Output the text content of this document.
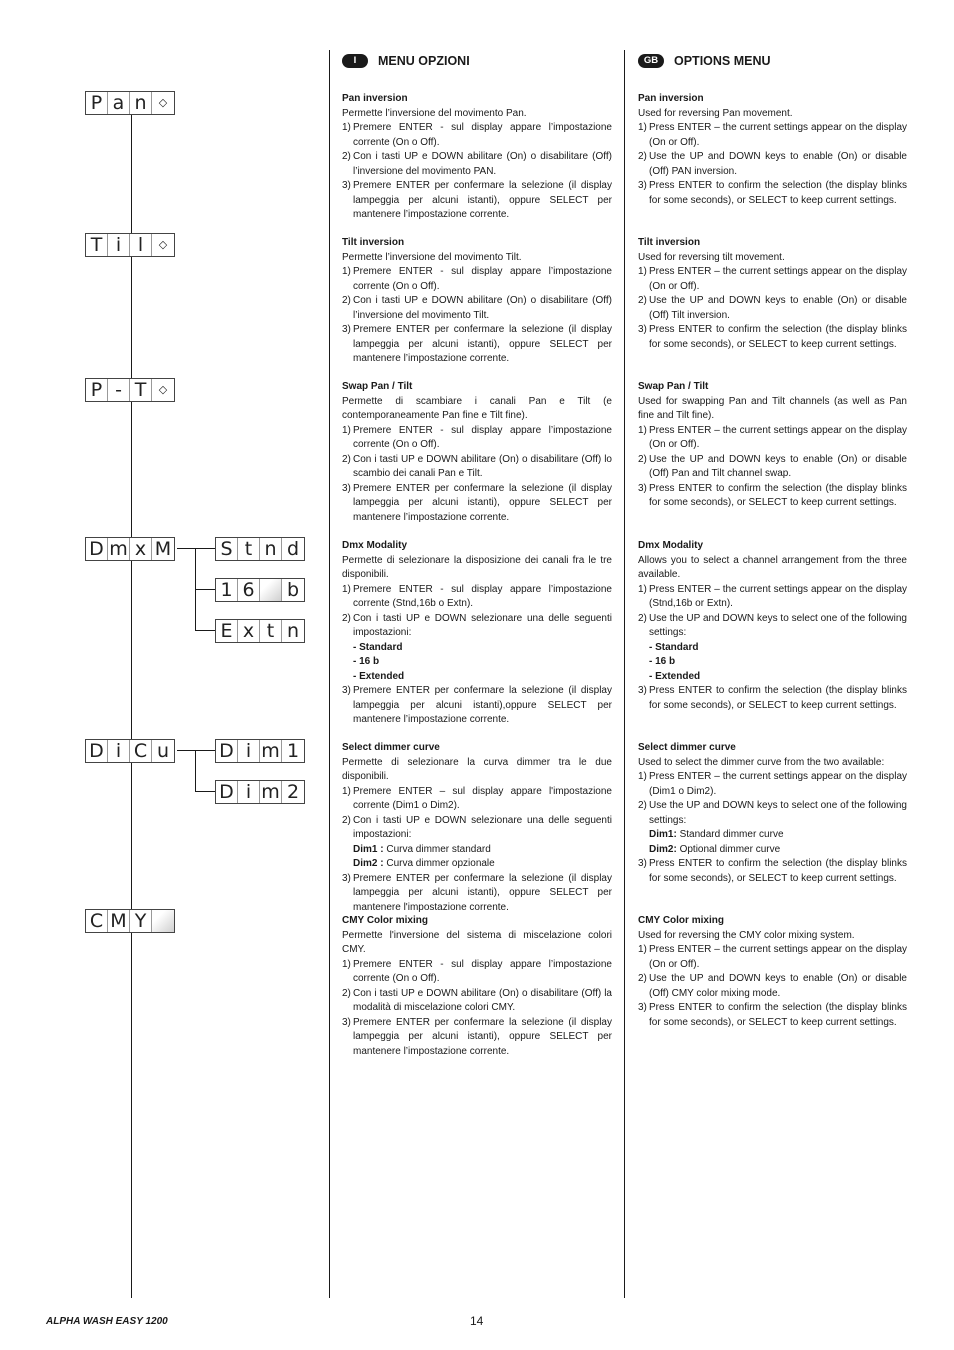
P a n	◇
T i l	◇
P - T	◇
D m x M	S t n d
1 6 b
E x t n
D i C u	D i m 1
D i m 2
C M Y
I	MENU OPZIONI
Pan inversion

Permette l’inversione del movimento Pan.

1) Premere ENTER - sul display appare l’impostazione corrente (On o Off).
2) Con i tasti UP e DOWN abilitare (On) o disabilitare (Off) l’inversione del movimento PAN.
3) Premere ENTER per confermare la selezione (il display lampeggia per alcuni istanti), oppure SELECT per mantenere l’impostazione corrente.
Tilt inversion

Permette l’inversione del movimento Tilt.

1) Premere ENTER - sul display appare l’impostazione corrente (On o Off).
2) Con i tasti UP e DOWN abilitare (On) o disabilitare (Off) l’inversione del movimento Tilt.
3) Premere ENTER per confermare la selezione (il display lampeggia per alcuni istanti), oppure SELECT per mantenere l’impostazione corrente.
Swap Pan / Tilt

Permette di scambiare i canali Pan e Tilt (e contemporaneamente Pan fine e Tilt fine).

1) Premere ENTER - sul display appare l’impostazione corrente (On o Off).
2) Con i tasti UP e DOWN abilitare (On) o disabilitare (Off) lo scambio dei canali Pan e Tilt.
3) Premere ENTER per confermare la selezione (il display lampeggia per alcuni istanti), oppure SELECT per mantenere l’impostazione corrente.
Dmx Modality

Permette di selezionare la disposizione dei canali fra le tre disponibili.

1) Premere ENTER - sul display appare l’impostazione corrente (Stnd,16b o Extn).
2) Con i tasti UP e DOWN selezionare una delle seguenti impostazioni:
- Standard
- 16 b
- Extended
3) Premere ENTER per confermare la selezione (il display lampeggia per alcuni istanti),oppure SELECT per mantenere l’impostazione corrente.
Select dimmer curve

Permette di selezionare la curva dimmer tra le due disponibili.

1) Premere ENTER – sul display appare l'impostazione corrente (Dim1 o Dim2).
2) Con i tasti UP e DOWN selezionare una delle seguenti impostazioni:
Dim1 : Curva dimmer standard
Dim2 : Curva dimmer opzionale
3) Premere ENTER per confermare la selezione (il display lampeggia per alcuni istanti), oppure SELECT per mantenere l'impostazione corrente.
CMY Color mixing

Permette l'inversione del sistema di miscelazione colori CMY.

1) Premere ENTER - sul display appare l’impostazione corrente (On o Off).
2) Con i tasti UP e DOWN abilitare (On) o disabilitare (Off) la modalità di miscelazione colori CMY.
3) Premere ENTER per confermare la selezione (il display lampeggia per alcuni istanti), oppure SELECT per mantenere l’impostazione corrente.
GB	OPTIONS MENU
Pan inversion

Used for reversing Pan movement.

1) Press ENTER – the current settings appear on the display (On or Off).
2) Use the UP and DOWN keys to enable (On) or disable (Off) PAN inversion.
3) Press ENTER to confirm the selection (the display blinks for some seconds), or SELECT to keep current settings.
Tilt inversion

Used for reversing tilt movement.

1) Press ENTER – the current settings appear on the display (On or Off).
2) Use the UP and DOWN keys to enable (On) or disable (Off) Tilt inversion.
3) Press ENTER to confirm the selection (the display blinks for some seconds), or SELECT to keep current settings.
Swap Pan / Tilt

Used for swapping Pan and Tilt channels (as well as Pan fine and Tilt fine).

1) Press ENTER – the current settings appear on the display (On or Off).
2) Use the UP and DOWN keys to enable (On) or disable (Off) Pan and Tilt channel swap.
3) Press ENTER to confirm the selection (the display blinks for some seconds), or SELECT to keep current settings.
Dmx Modality

Allows you to select a channel arrangement from the three available.

1) Press ENTER – the current settings appear on the display (Stnd,16b or Extn).
2) Use the UP and DOWN keys to select one of the following settings:
- Standard
- 16 b
- Extended
3) Press ENTER to confirm the selection (the display blinks for some seconds), or SELECT to keep current settings.
Select dimmer curve

Used to select the dimmer curve from the two available:

1) Press ENTER – the current settings appear on the display (Dim1 o Dim2).
2) Use the UP and DOWN keys to select one of the following settings:
Dim1: Standard dimmer curve
Dim2: Optional dimmer curve
3) Press ENTER to confirm the selection (the display blinks for some seconds), or SELECT to keep current settings.
CMY Color mixing

Used for reversing the CMY color mixing system.

1) Press ENTER – the current settings appear on the display (On or Off).
2) Use the UP and DOWN keys to enable (On) or disable (Off) CMY color mixing mode.
3) Press ENTER to confirm the selection (the display blinks for some seconds), or SELECT to keep current settings.
ALPHA WASH EASY 1200	14
